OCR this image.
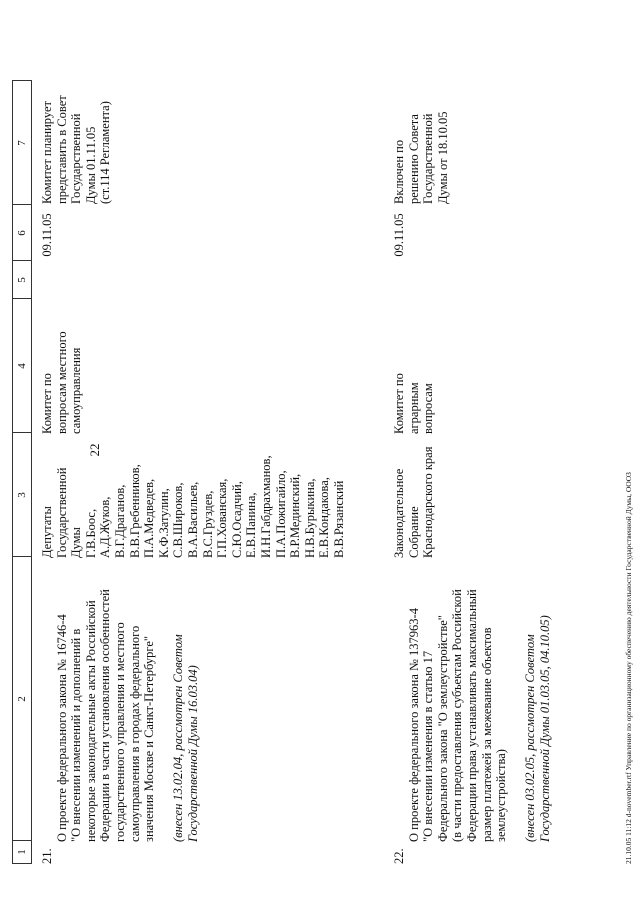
1
2
3
4
5
6
7
22
21.

О проекте федерального закона № 16746-4
"О внесении изменений и дополнений в
некоторые законодательные акты Российской
Федерации в части установления особенностей
государственного управления и местного
самоуправления в городах федерального
значения Москве и Санкт-Петербурге"

(внесен 13.02.04, рассмотрен Советом
Государственной Думы 16.03.04)

Депутаты
Государственной
Думы
Г.В.Боос,
А.Д.Жуков,
В.Г.Драганов,
В.В.Гребенников,
П.А.Медведев,
К.Ф.Затулин,
С.В.Широков,
В.А.Васильев,
В.С.Груздев,
Г.П.Хованская,
С.Ю.Осадчий,
Е.В.Панина,
И.Н.Габдрахманов,
П.А.Пожигайло,
В.Р.Мединский,
Н.В.Бурыкина,
Е.В.Кондакова,
В.В.Рязанский
Комитет по
вопросам местного
самоуправления
09.11.05
Комитет планирует
представить в Совет
Государственной
Думы 01.11.05
(ст.114 Регламента)
22.

О проекте федерального закона № 137963-4
"О внесении изменения в статью 17
Федерального закона "О землеустройстве"
(в части предоставления субъектам Российской
Федерации права устанавливать максимальный
размер платежей за межевание объектов
землеустройства) (внесен 03.02.05, рассмотрен Советом
Государственной Думы 01.03.05, 04.10.05)

Законодательное
Собрание
Краснодарского края
Комитет по
аграрным
вопросам
09.11.05
Включен по
решению Совета
Государственной
Думы от 18.10.05
21.10.05 11:12 d-november.rtf Управление по организационному обеспечению деятельности Государственной Думы, ООО3
